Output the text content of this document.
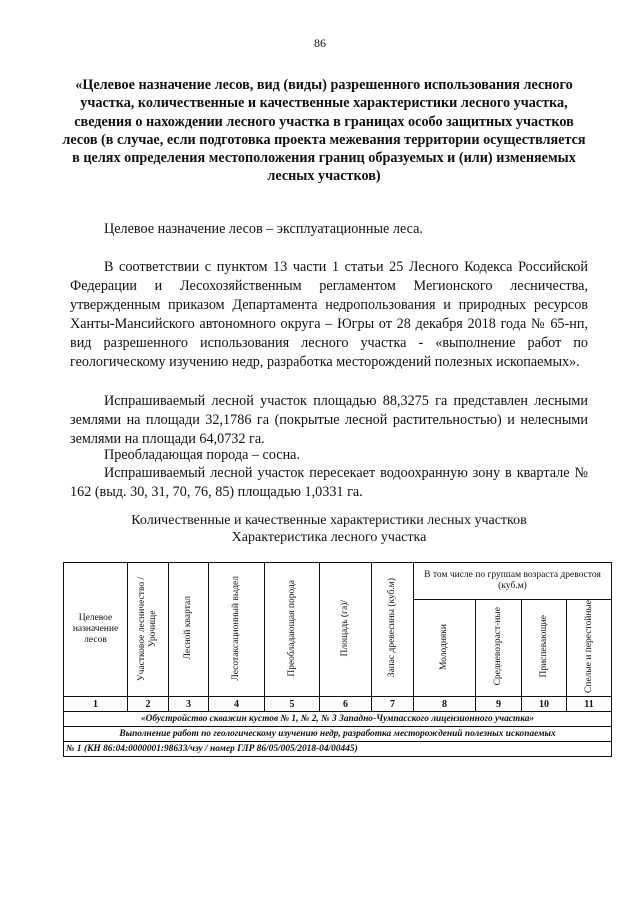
86
«Целевое назначение лесов, вид (виды) разрешенного использования лесного участка, количественные и качественные характеристики лесного участка, сведения о нахождении лесного участка в границах особо защитных участков лесов (в случае, если подготовка проекта межевания территории осуществляется в целях определения местоположения границ образуемых и (или) изменяемых лесных участков)
Целевое назначение лесов – эксплуатационные леса.
В соответствии с пунктом 13 части 1 статьи 25 Лесного Кодекса Российской Федерации и Лесохозяйственным регламентом Мегионского лесничества, утвержденным приказом Департамента недропользования и природных ресурсов Ханты-Мансийского автономного округа – Югры от 28 декабря 2018 года № 65-нп, вид разрешенного использования лесного участка - «выполнение работ по геологическому изучению недр, разработка месторождений полезных ископаемых».
Испрашиваемый лесной участок площадью 88,3275 га представлен лесными землями на площади 32,1786 га (покрытые лесной растительностью) и нелесными землями на площади 64,0732 га.
Преобладающая порода – сосна.
Испрашиваемый лесной участок пересекает водоохранную зону в квартале № 162 (выд. 30, 31, 70, 76, 85) площадью 1,0331 га.
Количественные и качественные характеристики лесных участков
Характеристика лесного участка
Целевое назначение лесов	Участковое лесничество / Урочище	Лесной квартал	Лесотаксационный выдел	Преобладающая порода	Площадь (га)/	Запас древесины (куб.м)	В том числе по группам возраста древостоя (куб.м)			
							Молодняки	Средневозраст-ные	Приспевающие	Спелые и перестойные
1	2	3	4	5	6	7	8	9	10	11
«Обустройство скважин кустов № 1, № 2, № 3 Западно-Чумпасского лицензионного участка»										
Выполнение работ по геологическому изучению недр, разработка месторождений полезных ископаемых										
№ 1 (КН 86:04:0000001:98633/чзу / номер ГЛР 86/05/005/2018-04/00445)										
